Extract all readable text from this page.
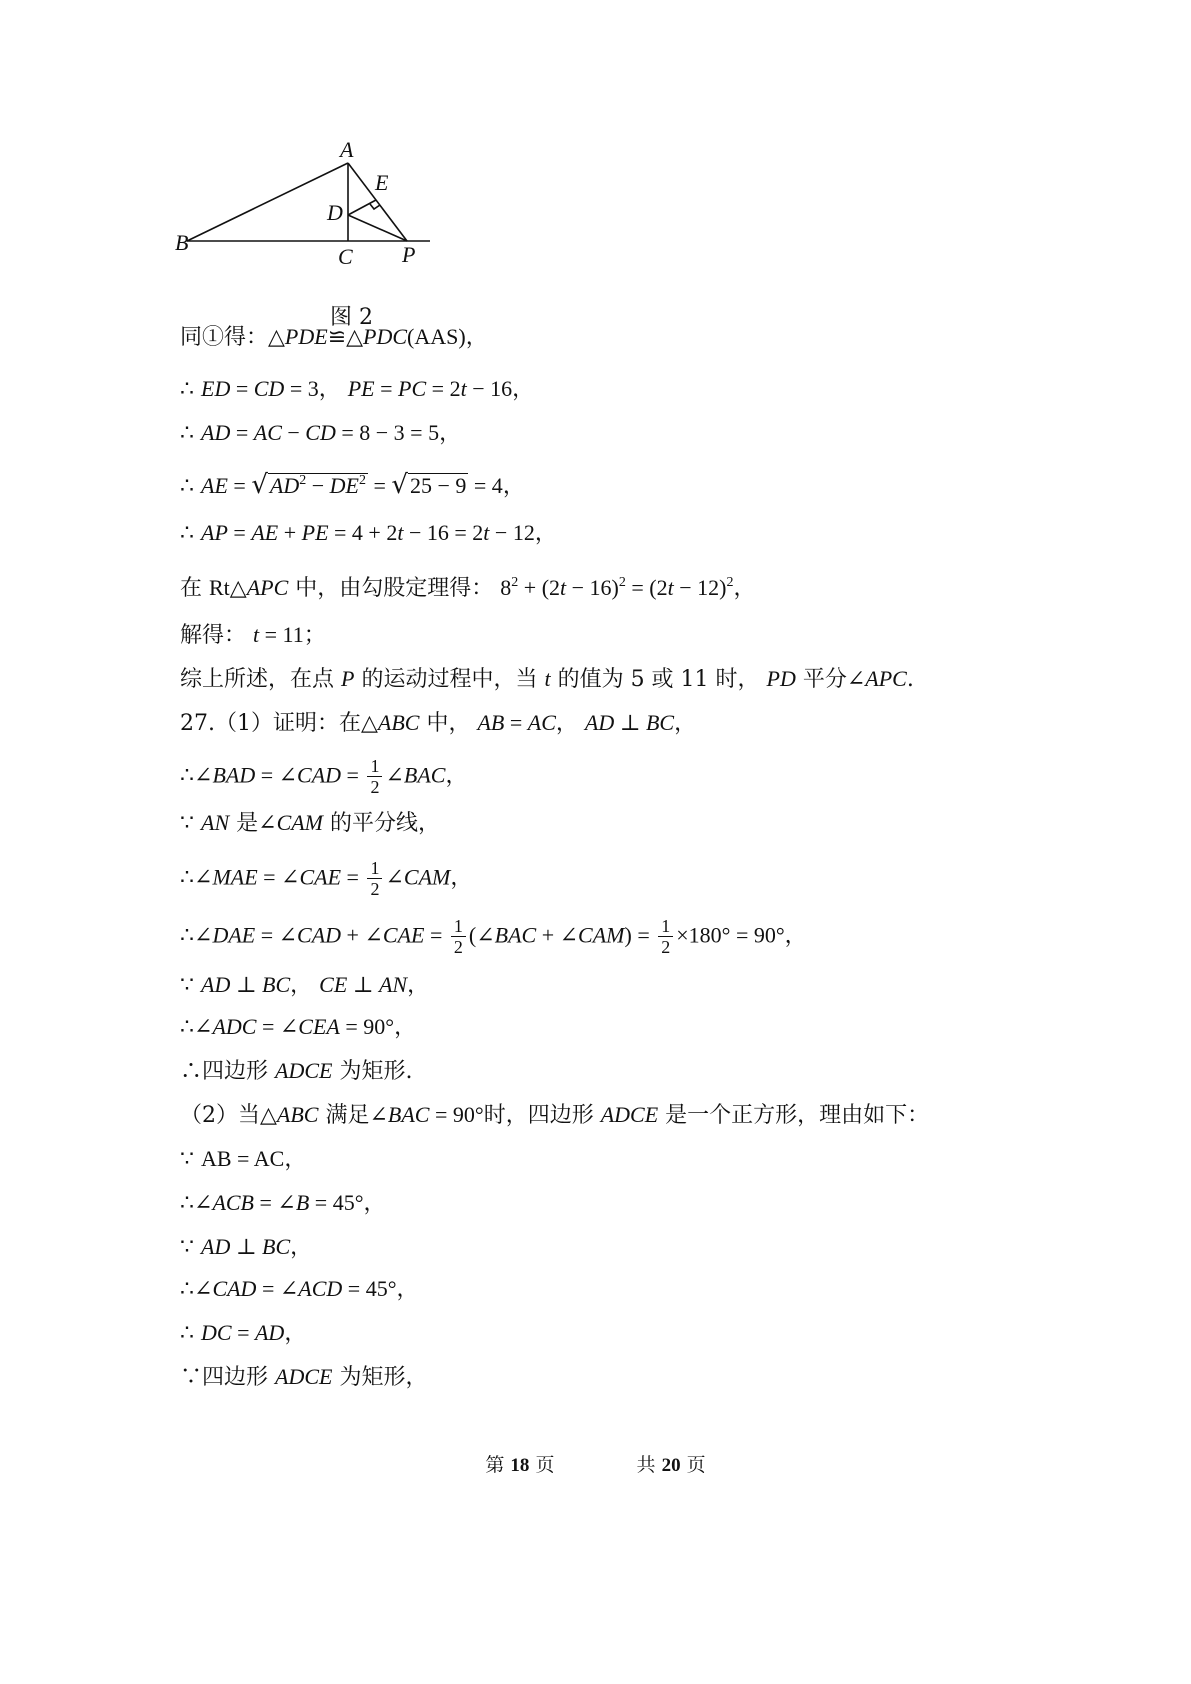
A
B
C
D
E
P
图 2
同①得：△PDE≌△PDC(AAS)，
∴ ED = CD = 3， PE = PC = 2t − 16，
∴ AD = AC − CD = 8 − 3 = 5，
∴ AE = $√AD^2 - DE^2 = √25 - 9 = 4$，
∴ AP = AE + PE = 4 + 2t − 16 = 2t − 12，
在 Rt△APC 中，由勾股定理得： $8^2 + (2t - 16)^2 = (2t - 12)^2$，
解得： t = 11；
综上所述，在点 P 的运动过程中，当 t 的值为 5 或 11 时， PD 平分∠APC.
27.（1）证明：在△ABC 中， AB = AC， AD ⊥ BC，
∴∠BAD = ∠CAD = $\frac{1}{2}$ ∠BAC，
∵ AN 是∠CAM 的平分线，
∴∠MAE = ∠CAE = $\frac{1}{2}$ ∠CAM，
∴∠DAE = ∠CAD + ∠CAE = $\frac{1}{2}$ (∠BAC + ∠CAM) = $\frac{1}{2} \times 180^\circ = 90^\circ$，
∵ AD ⊥ BC， CE ⊥ AN，
∴∠ADC = ∠CEA = 90°，
∴四边形 ADCE 为矩形.
（2）当△ABC 满足∠BAC = 90°时，四边形 ADCE 是一个正方形，理由如下：
∵ AB = AC，
∴∠ACB = ∠B = 45°，
∵ AD ⊥ BC，
∴∠CAD = ∠ACD = 45°，
∴ DC = AD，
∵四边形 ADCE 为矩形，
第 18 页	共 20 页
